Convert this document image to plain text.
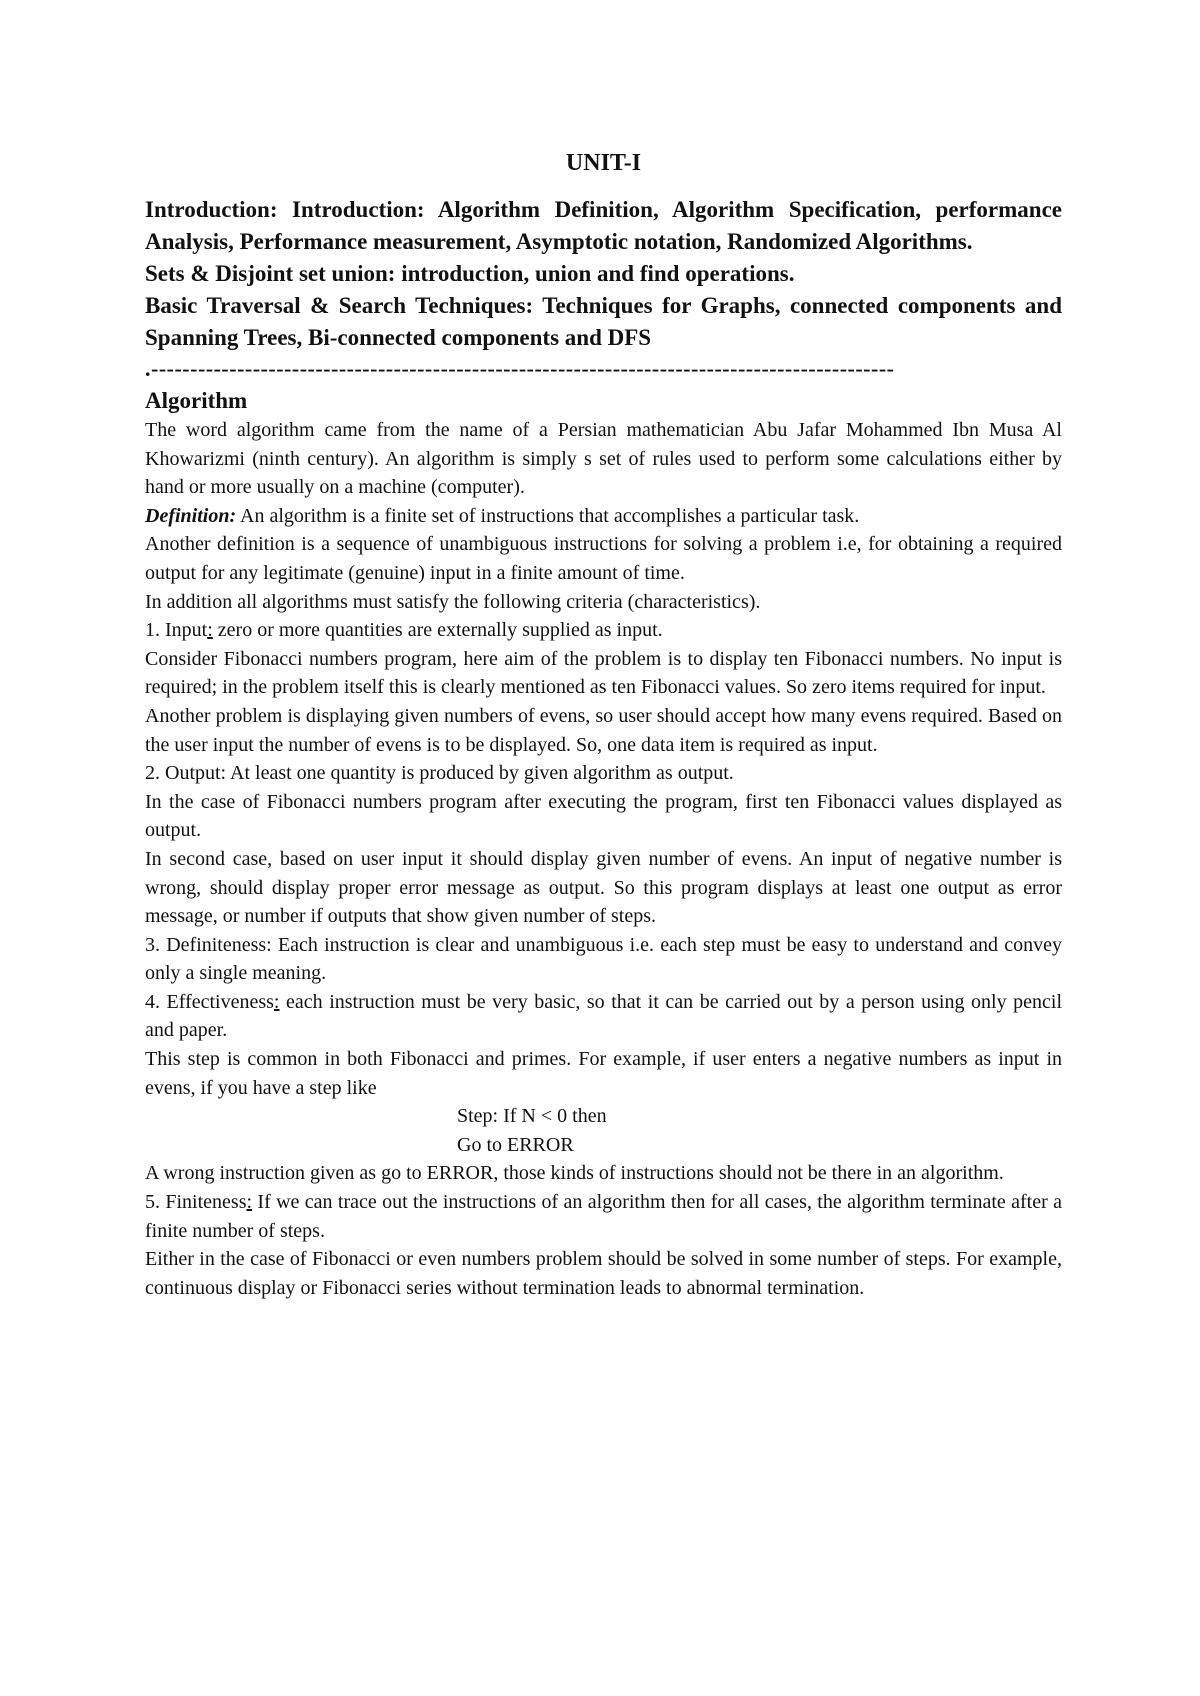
UNIT-I

Introduction: Introduction: Algorithm Definition, Algorithm Specification, performance Analysis, Performance measurement, Asymptotic notation, Randomized Algorithms.

Sets & Disjoint set union: introduction, union and find operations.

Basic Traversal & Search Techniques: Techniques for Graphs, connected components and Spanning Trees, Bi-connected components and DFS

.-----------------------------------------------------------------------------------------------
Algorithm

The word algorithm came from the name of a Persian mathematician Abu Jafar Mohammed Ibn Musa Al Khowarizmi (ninth century). An algorithm is simply s set of rules used to perform some calculations either by hand or more usually on a machine (computer).

Definition: An algorithm is a finite set of instructions that accomplishes a particular task.

Another definition is a sequence of unambiguous instructions for solving a problem i.e, for obtaining a required output for any legitimate (genuine) input in a finite amount of time.

In addition all algorithms must satisfy the following criteria (characteristics).

1. Input: zero or more quantities are externally supplied as input.

Consider Fibonacci numbers program, here aim of the problem is to display ten Fibonacci numbers. No input is required; in the problem itself this is clearly mentioned as ten Fibonacci values. So zero items required for input.

Another problem is displaying given numbers of evens, so user should accept how many evens required. Based on the user input the number of evens is to be displayed. So, one data item is required as input.

2. Output: At least one quantity is produced by given algorithm as output.

In the case of Fibonacci numbers program after executing the program, first ten Fibonacci values displayed as output.

In second case, based on user input it should display given number of evens. An input of negative number is wrong, should display proper error message as output. So this program displays at least one output as error message, or number if outputs that show given number of steps.

3. Definiteness: Each instruction is clear and unambiguous i.e. each step must be easy to understand and convey only a single meaning.

4. Effectiveness: each instruction must be very basic, so that it can be carried out by a person using only pencil and paper.

This step is common in both Fibonacci and primes. For example, if user enters a negative numbers as input in evens, if you have a step like

Step: If N < 0 then

Go to ERROR

A wrong instruction given as go to ERROR, those kinds of instructions should not be there in an algorithm.

5. Finiteness: If we can trace out the instructions of an algorithm then for all cases, the algorithm terminate after a finite number of steps.

Either in the case of Fibonacci or even numbers problem should be solved in some number of steps. For example, continuous display or Fibonacci series without termination leads to abnormal termination.
